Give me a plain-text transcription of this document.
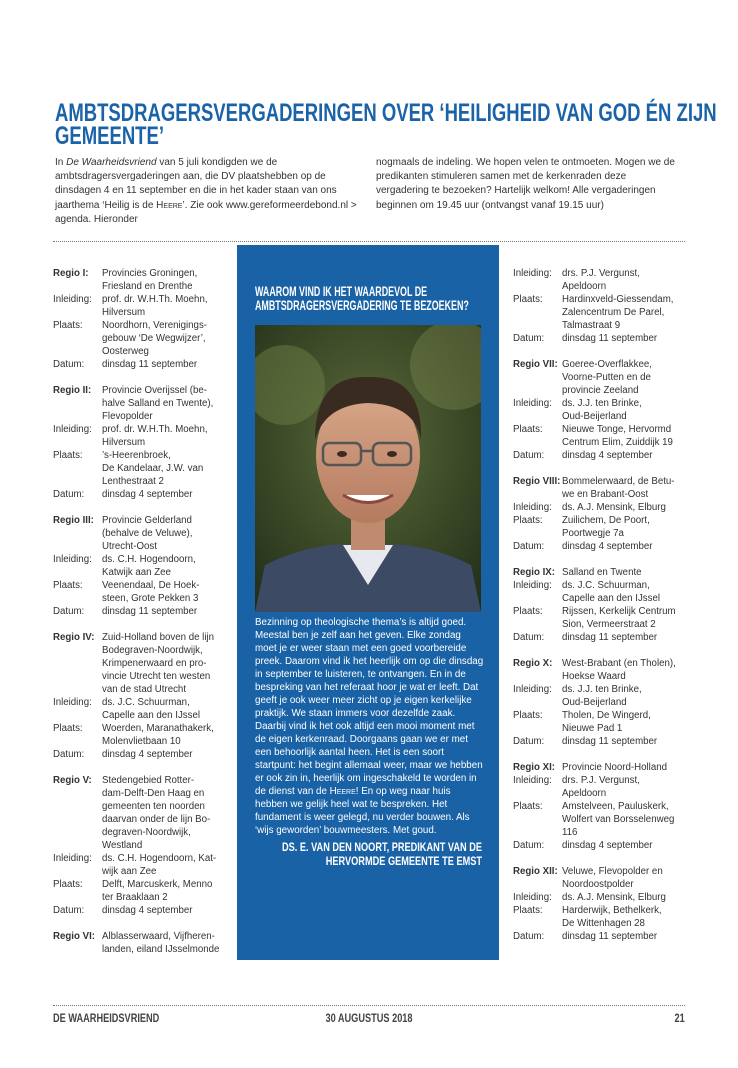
AMBTSDRAGERSVERGADERINGEN OVER ‘HEILIGHEID VAN GOD ÉN ZIJN GEMEENTE’
In De Waarheidsvriend van 5 juli kondigden we de ambtsdragersvergaderingen aan, die DV plaatshebben op de dinsdagen 4 en 11 september en die in het kader staan van ons jaarthema ‘Heilig is de Heere’. Zie ook www.gereformeerdebond.nl > agenda. Hieronder
nogmaals de indeling. We hopen velen te ontmoeten. Mogen we de predikanten stimuleren samen met de kerkenraden deze vergadering te bezoeken? Hartelijk welkom! Alle vergaderingen beginnen om 19.45 uur (ontvangst vanaf 19.15 uur)
Regio I:	Provincies Groningen,
Friesland en Drenthe
Inleiding:	prof. dr. W.H.Th. Moehn,
Hilversum
Plaats:	Noordhorn, Verenigings-
gebouw ‘De Wegwijzer’,
Oosterweg
Datum:	dinsdag 11 september
Regio II:	Provincie Overijssel (be-
halve Salland en Twente),
Flevopolder
Inleiding:	prof. dr. W.H.Th. Moehn,
Hilversum
Plaats:	’s-Heerenbroek,
De Kandelaar, J.W. van
Lenthestraat 2
Datum:	dinsdag 4 september
Regio III: Provincie Gelderland
(behalve de Veluwe),
Utrecht-Oost
Inleiding:	ds. C.H. Hogendoorn,
Katwijk aan Zee
Plaats:	Veenendaal, De Hoek-
steen, Grote Pekken 3
Datum:	dinsdag 11 september
Regio IV: Zuid-Holland boven de lijn
Bodegraven-Noordwijk,
Krimpenerwaard en pro-
vincie Utrecht ten westen
van de stad Utrecht
Inleiding:	ds. J.C. Schuurman,
Capelle aan den IJssel
Plaats:	Woerden, Maranathakerk,
Molenvlietbaan 10
Datum:	dinsdag 4 september
Regio V:	Stedengebied Rotter-
dam-Delft-Den Haag en
gemeenten ten noorden
daarvan onder de lijn Bo-
degraven-Noordwijk,
Westland
Inleiding:	ds. C.H. Hogendoorn, Kat-
wijk aan Zee
Plaats:	Delft, Marcuskerk, Menno
ter Braaklaan 2
Datum:	dinsdag 4 september
Regio VI: Alblasserwaard, Vijfheren-
landen, eiland IJsselmonde
WAAROM VIND IK HET WAARDEVOL DE AMBTSDRAGERSVERGADERING TE BEZOEKEN?
Bezinning op theologische thema’s is altijd goed. Meestal ben je zelf aan het geven. Elke zondag moet je er weer staan met een goed voorbereide preek. Daarom vind ik het heerlijk om op die dinsdag in september te luisteren, te ontvangen. En in de bespreking van het referaat hoor je wat er leeft. Dat geeft je ook weer meer zicht op je eigen kerkelijke praktijk. We staan immers voor dezelfde zaak. Daarbij vind ik het ook altijd een mooi moment met de eigen kerkenraad. Doorgaans gaan we er met een behoorlijk aantal heen. Het is een soort startpunt: het begint allemaal weer, maar we hebben er ook zin in, heerlijk om ingeschakeld te worden in de dienst van de Heere! En op weg naar huis hebben we gelijk heel wat te bespreken. Het fundament is weer gelegd, nu verder bouwen. Als ‘wijs geworden’ bouwmeesters. Met goud.
DS. E. VAN DEN NOORT, PREDIKANT VAN DE
HERVORMDE GEMEENTE TE EMST
Inleiding:	drs. P.J. Vergunst,
Apeldoorn
Plaats:	Hardinxveld-Giessendam,
Zalencentrum De Parel,
Talmastraat 9
Datum:	dinsdag 11 september
Regio VII: Goeree-Overflakkee,
Voorne-Putten en de
provincie Zeeland
Inleiding:	ds. J.J. ten Brinke,
Oud-Beijerland
Plaats:	Nieuwe Tonge, Hervormd
Centrum Elim, Zuiddijk 19
Datum:	dinsdag 4 september
Regio VIII: Bommelerwaard, de Betu-
we en Brabant-Oost
Inleiding:	ds. A.J. Mensink, Elburg
Plaats:	Zuilichem, De Poort,
Poortwegje 7a
Datum:	dinsdag 4 september
Regio IX: Salland en Twente
Inleiding:	ds. J.C. Schuurman,
Capelle aan den IJssel
Plaats:	Rijssen, Kerkelijk Centrum
Sion, Vermeerstraat 2
Datum:	dinsdag 11 september
Regio X:	West-Brabant (en Tholen),
Hoekse Waard
Inleiding:	ds. J.J. ten Brinke,
Oud-Beijerland
Plaats:	Tholen, De Wingerd,
Nieuwe Pad 1
Datum:	dinsdag 11 september
Regio XI: Provincie Noord-Holland
Inleiding:	drs. P.J. Vergunst,
Apeldoorn
Plaats:	Amstelveen, Pauluskerk,
Wolfert van Borsselenweg
116
Datum:	dinsdag 4 september
Regio XII: Veluwe, Flevopolder en
Noordoostpolder
Inleiding:	ds. A.J. Mensink, Elburg
Plaats:	Harderwijk, Bethelkerk,
De Wittenhagen 28
Datum:	dinsdag 11 september
DE WAARHEIDSVRIEND	30 AUGUSTUS 2018	21
